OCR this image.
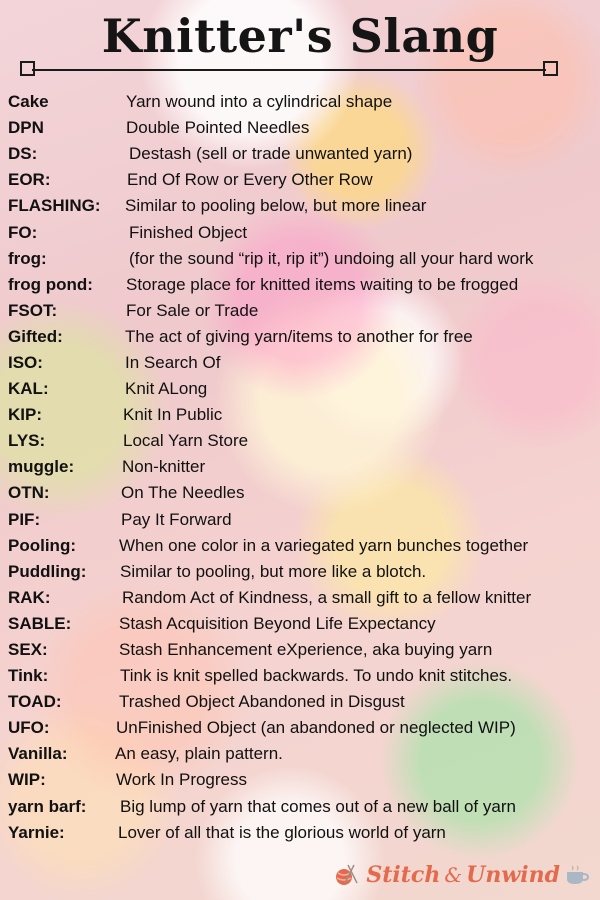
Knitter's Slang
Cake	Yarn wound into a cylindrical shape
DPN	Double Pointed Needles
DS:	Destash (sell or trade unwanted yarn)
EOR:	End Of Row or Every Other Row
FLASHING: Similar to pooling below, but more linear
FO:	Finished Object
frog:	(for the sound “rip it, rip it”) undoing all your hard work
frog pond: Storage place for knitted items waiting to be frogged
FSOT:	For Sale or Trade
Gifted:	The act of giving yarn/items to another for free
ISO:	In Search Of
KAL:	Knit ALong
KIP:	Knit In Public
LYS:	Local Yarn Store
muggle:	Non-knitter
OTN:	On The Needles
PIF:	Pay It Forward
Pooling:	When one color in a variegated yarn bunches together
Puddling: Similar to pooling, but more like a blotch.
RAK:	Random Act of Kindness, a small gift to a fellow knitter
SABLE:	Stash Acquisition Beyond Life Expectancy
SEX:	Stash Enhancement eXperience, aka buying yarn
Tink:	Tink is knit spelled backwards. To undo knit stitches.
TOAD:	Trashed Object Abandoned in Disgust
UFO:	UnFinished Object (an abandoned or neglected WIP)
Vanilla:	An easy, plain pattern.
WIP:	Work In Progress
yarn barf: Big lump of yarn that comes out of a new ball of yarn
Yarnie:	Lover of all that is the glorious world of yarn
Stitch & Unwind
